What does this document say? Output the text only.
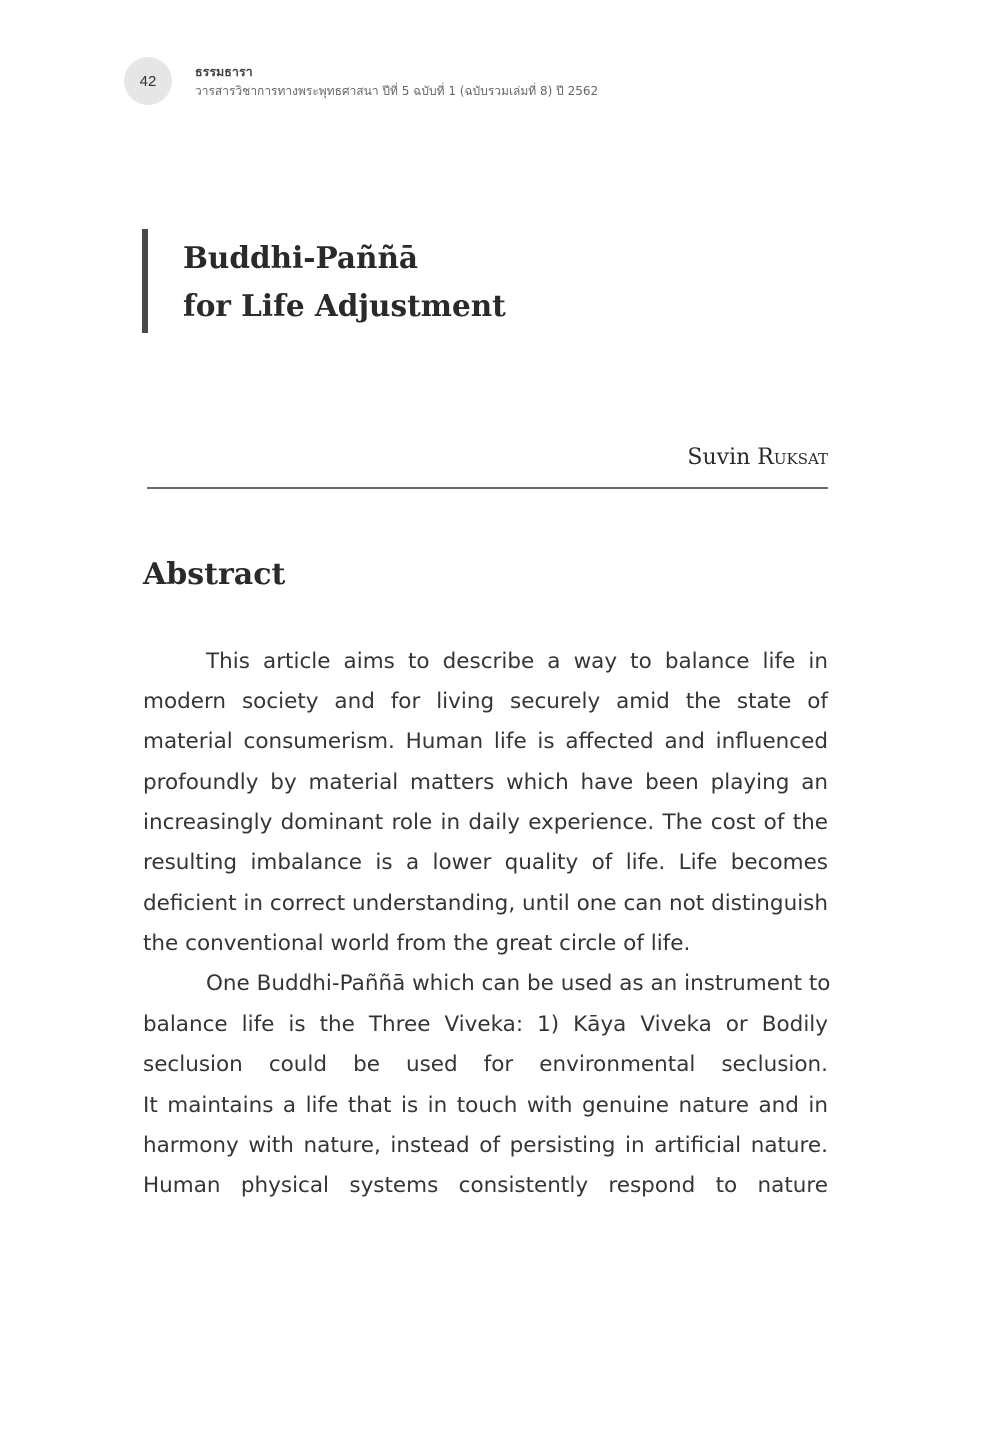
42
ธรรมธารา
วารสารวิชาการทางพระพุทธศาสนา ปีที่ 5 ฉบับที่ 1 (ฉบับรวมเล่มที่ 8) ปี 2562
Buddhi-Paññā
for Life Adjustment
Suvin Ruksat
Abstract
This article aims to describe a way to balance life in
modern society and for living securely amid the state of
material consumerism. Human life is affected and influenced
profoundly by material matters which have been playing an
increasingly dominant role in daily experience. The cost of the
resulting imbalance is a lower quality of life. Life becomes
deficient in correct understanding, until one can not distinguish
the conventional world from the great circle of life.
One Buddhi-Paññā which can be used as an instrument to
balance life is the Three Viveka: 1) Kāya Viveka or Bodily
seclusion could be used for environmental seclusion.
It maintains a life that is in touch with genuine nature and in
harmony with nature, instead of persisting in artificial nature.
Human physical systems consistently respond to nature
